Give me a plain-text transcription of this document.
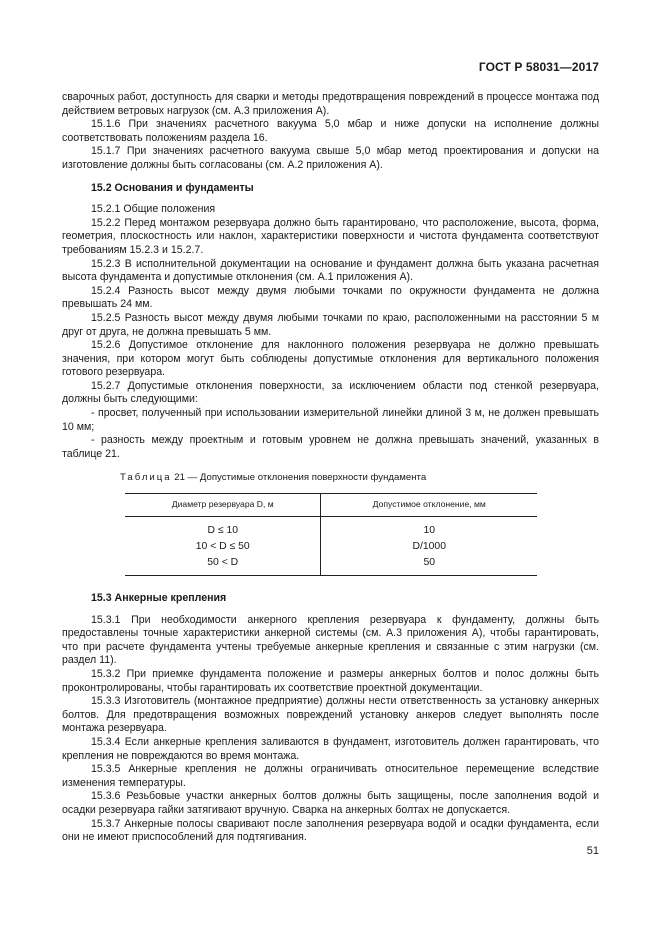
ГОСТ Р 58031—2017

сварочных работ, доступность для сварки и методы предотвращения повреждений в процессе монтажа под действием ветровых нагрузок (см. А.3 приложения А).

15.1.6 При значениях расчетного вакуума 5,0 мбар и ниже допуски на исполнение должны соответствовать положениям раздела 16.

15.1.7 При значениях расчетного вакуума свыше 5,0 мбар метод проектирования и допуски на изготовление должны быть согласованы (см. А.2 приложения А).

15.2 Основания и фундаменты

15.2.1 Общие положения

15.2.2 Перед монтажом резервуара должно быть гарантировано, что расположение, высота, форма, геометрия, плоскостность или наклон, характеристики поверхности и чистота фундамента соответствуют требованиям 15.2.3 и 15.2.7.

15.2.3 В исполнительной документации на основание и фундамент должна быть указана расчетная высота фундамента и допустимые отклонения (см. А.1 приложения А).

15.2.4 Разность высот между двумя любыми точками по окружности фундамента не должна превышать 24 мм.

15.2.5 Разность высот между двумя любыми точками по краю, расположенными на расстоянии 5 м друг от друга, не должна превышать 5 мм.

15.2.6 Допустимое отклонение для наклонного положения резервуара не должно превышать значения, при котором могут быть соблюдены допустимые отклонения для вертикального положения готового резервуара.

15.2.7 Допустимые отклонения поверхности, за исключением области под стенкой резервуара, должны быть следующими:

- просвет, полученный при использовании измерительной линейки длиной 3 м, не должен превышать 10 мм;

- разность между проектным и готовым уровнем не должна превышать значений, указанных в таблице 21.

Таблица 21 — Допустимые отклонения поверхности фундамента
Диаметр резервуара D, м	Допустимое отклонение, мм
D ≤ 10	10
10 < D ≤ 50	D/1000
50 < D	50

15.3 Анкерные крепления

15.3.1 При необходимости анкерного крепления резервуара к фундаменту, должны быть предоставлены точные характеристики анкерной системы (см. А.3 приложения А), чтобы гарантировать, что при расчете фундамента учтены требуемые анкерные крепления и связанные с этим нагрузки (см. раздел 11).

15.3.2 При приемке фундамента положение и размеры анкерных болтов и полос должны быть проконтролированы, чтобы гарантировать их соответствие проектной документации.

15.3.3 Изготовитель (монтажное предприятие) должны нести ответственность за установку анкерных болтов. Для предотвращения возможных повреждений установку анкеров следует выполнять после монтажа резервуара.

15.3.4 Если анкерные крепления заливаются в фундамент, изготовитель должен гарантировать, что крепления не повреждаются во время монтажа.

15.3.5 Анкерные крепления не должны ограничивать относительное перемещение вследствие изменения температуры.

15.3.6 Резьбовые участки анкерных болтов должны быть защищены, после заполнения водой и осадки резервуара гайки затягивают вручную. Сварка на анкерных болтах не допускается.

15.3.7 Анкерные полосы сваривают после заполнения резервуара водой и осадки фундамента, если они не имеют приспособлений для подтягивания.

51
